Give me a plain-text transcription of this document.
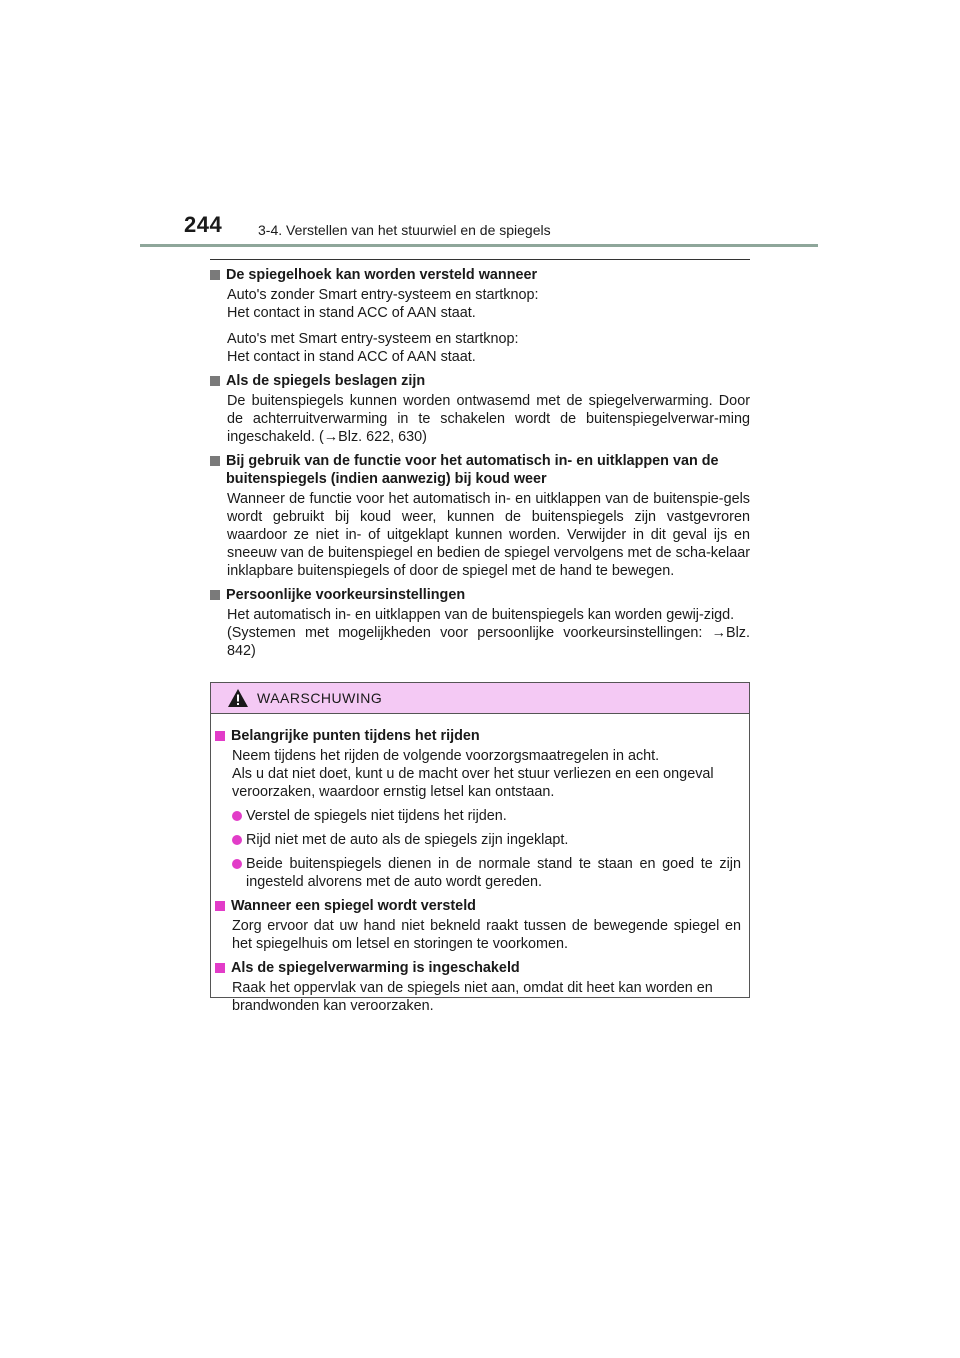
244	3-4. Verstellen van het stuurwiel en de spiegels
De spiegelhoek kan worden versteld wanneer
Auto's zonder Smart entry-systeem en startknop:
Het contact in stand ACC of AAN staat.
Auto's met Smart entry-systeem en startknop:
Het contact in stand ACC of AAN staat.
Als de spiegels beslagen zijn
De buitenspiegels kunnen worden ontwasemd met de spiegelverwarming. Door de achterruitverwarming in te schakelen wordt de buitenspiegelverwar-ming ingeschakeld. (→Blz. 622, 630)
Bij gebruik van de functie voor het automatisch in- en uitklappen van de buitenspiegels (indien aanwezig) bij koud weer
Wanneer de functie voor het automatisch in- en uitklappen van de buitenspie-gels wordt gebruikt bij koud weer, kunnen de buitenspiegels zijn vastgevroren waardoor ze niet in- of uitgeklapt kunnen worden. Verwijder in dit geval ijs en sneeuw van de buitenspiegel en bedien de spiegel vervolgens met de scha-kelaar inklapbare buitenspiegels of door de spiegel met de hand te bewegen.
Persoonlijke voorkeursinstellingen
Het automatisch in- en uitklappen van de buitenspiegels kan worden gewij-zigd.
(Systemen met mogelijkheden voor persoonlijke voorkeursinstellingen: →Blz. 842)
WAARSCHUWING
Belangrijke punten tijdens het rijden
Neem tijdens het rijden de volgende voorzorgsmaatregelen in acht.
Als u dat niet doet, kunt u de macht over het stuur verliezen en een ongeval veroorzaken, waardoor ernstig letsel kan ontstaan.
Verstel de spiegels niet tijdens het rijden.
Rijd niet met de auto als de spiegels zijn ingeklapt.
Beide buitenspiegels dienen in de normale stand te staan en goed te zijn ingesteld alvorens met de auto wordt gereden.
Wanneer een spiegel wordt versteld
Zorg ervoor dat uw hand niet bekneld raakt tussen de bewegende spiegel en het spiegelhuis om letsel en storingen te voorkomen.
Als de spiegelverwarming is ingeschakeld
Raak het oppervlak van de spiegels niet aan, omdat dit heet kan worden en brandwonden kan veroorzaken.
